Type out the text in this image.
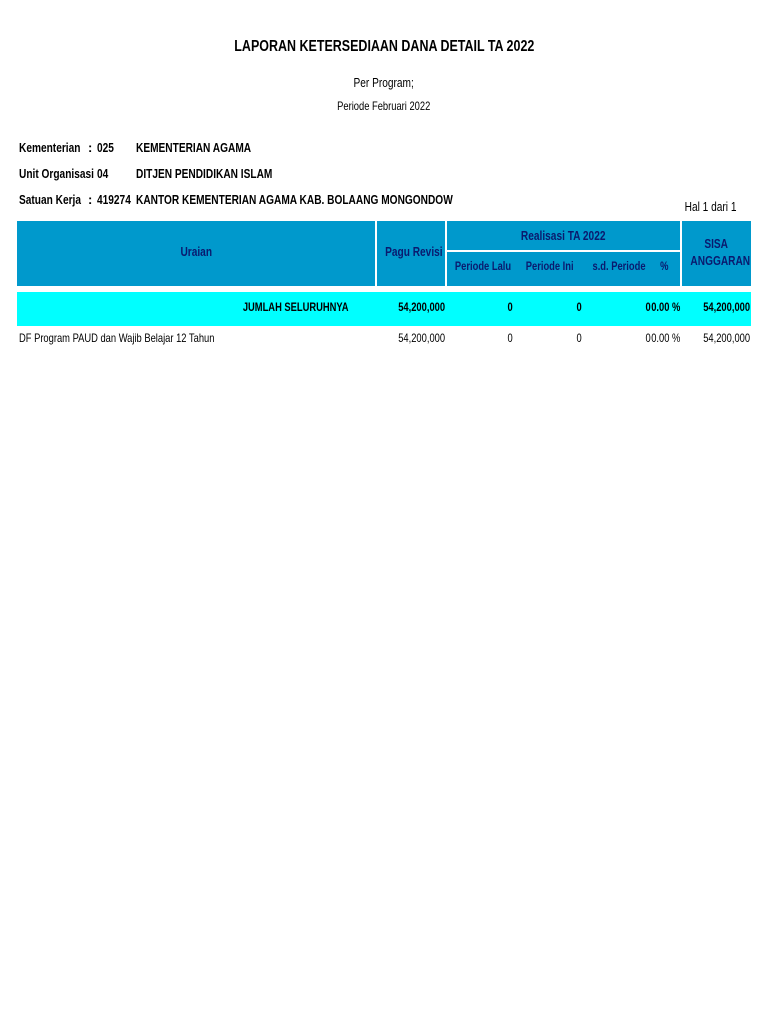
LAPORAN KETERSEDIAAN DANA DETAIL TA 2022
Per Program;
Periode Februari 2022
Kementerian : 025	KEMENTERIAN AGAMA
Unit Organisasi 04 DITJEN PENDIDIKAN ISLAM
Satuan Kerja : 419274 KANTOR KEMENTERIAN AGAMA KAB. BOLAANG MONGONDOW	Hal 1 dari 1
Uraian	Pagu Revisi
Realisasi TA 2022
Periode Lalu	Periode Ini	s.d. Periode	%
SISA
ANGGARAN
JUMLAH SELURUHNYA	54,200,000	0	0	0 0.00 %	54,200,000
DF Program PAUD dan Wajib Belajar 12 Tahun	54,200,000	0	0	0 0.00 %	54,200,000
